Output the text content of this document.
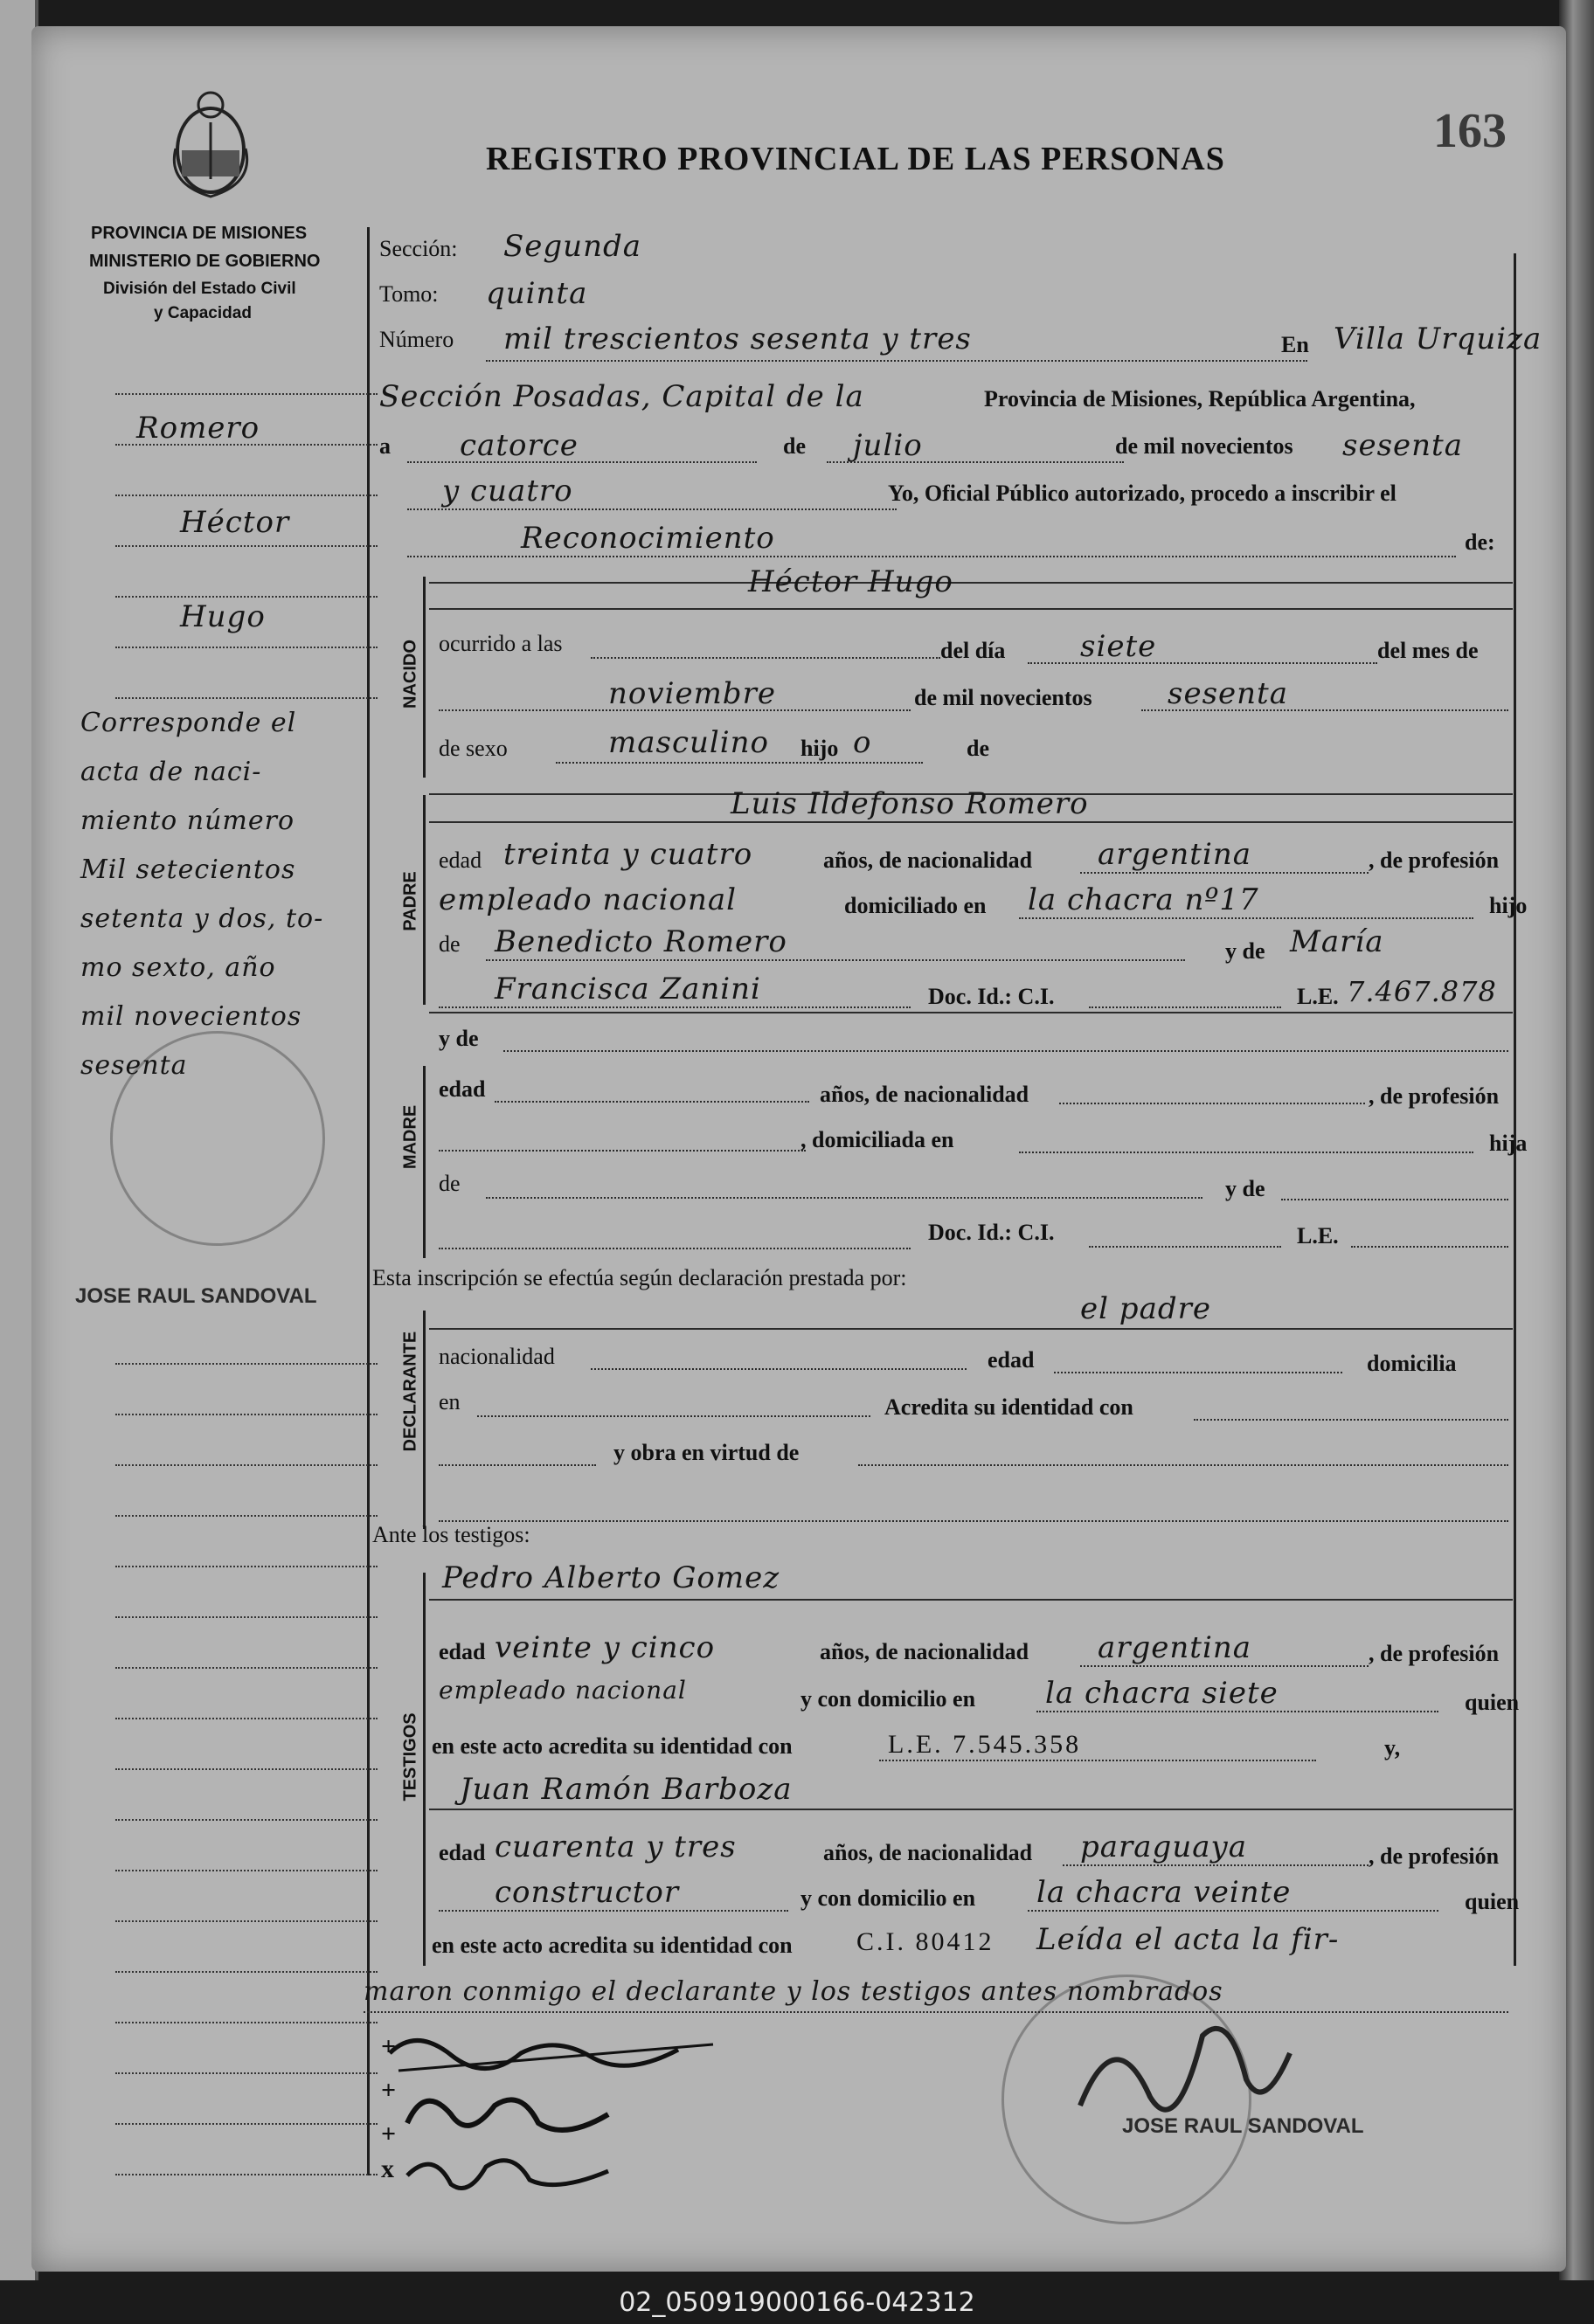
163
REGISTRO PROVINCIAL DE LAS PERSONAS
PROVINCIA DE MISIONES
MINISTERIO DE GOBIERNO
División del Estado Civil
y Capacidad
Romero
Héctor
Hugo
Corresponde el
acta de naci-
miento número
Mil setecientos
setenta y dos, to-
mo sexto, año
mil novecientos
sesenta
JOSE RAUL SANDOVAL
Sección: Segunda
Tomo: quinta
Número mil trescientos sesenta y tres	En Villa Urquiza
Sección Posadas, Capital de la	Provincia de Misiones, República Argentina,
a catorce	de julio	de mil novecientos sesenta
y cuatro	Yo, Oficial Público autorizado, procedo a inscribir el
Reconocimiento	de:
NACIDO
Héctor Hugo
ocurrido a las	del día	siete	del mes de
noviembre	de mil novecientos	sesenta
de sexo	masculino hijo o	de
PADRE
Luis Ildefonso Romero
edad treinta y cuatro	años, de nacionalidad argentina	, de profesión
empleado nacional	domiciliado en la chacra nº17	hijo
de Benedicto Romero	y de María
Francisca Zanini	Doc. Id.: C.I.	L.E. 7.467.878
y de
MADRE
edad	años, de nacionalidad	, de profesión
, domiciliada en	hija
de	y de
Doc. Id.: C.I.	L.E.
Esta inscripción se efectúa según declaración prestada por:
DECLARANTE
el padre
nacionalidad	edad	domicilia
en	Acredita su identidad con
y obra en virtud de
Ante los testigos:
TESTIGOS
Pedro Alberto Gomez
edad veinte y cinco	años, de nacionalidad argentina	, de profesión
empleado nacional	y con domicilio en la chacra siete	quien
en este acto acredita su identidad con	L.E. 7.545.358	y,
Juan Ramón Barboza
edad cuarenta y tres	años, de nacionalidad paraguaya	, de profesión
constructor	y con domicilio en la chacra veinte	quien
en este acto acredita su identidad con C.I. 80412 Leída el acta la fir-
maron conmigo el declarante y los testigos antes nombrados
+
+
+
x
JOSE RAUL SANDOVAL
02_050919000166-042312
